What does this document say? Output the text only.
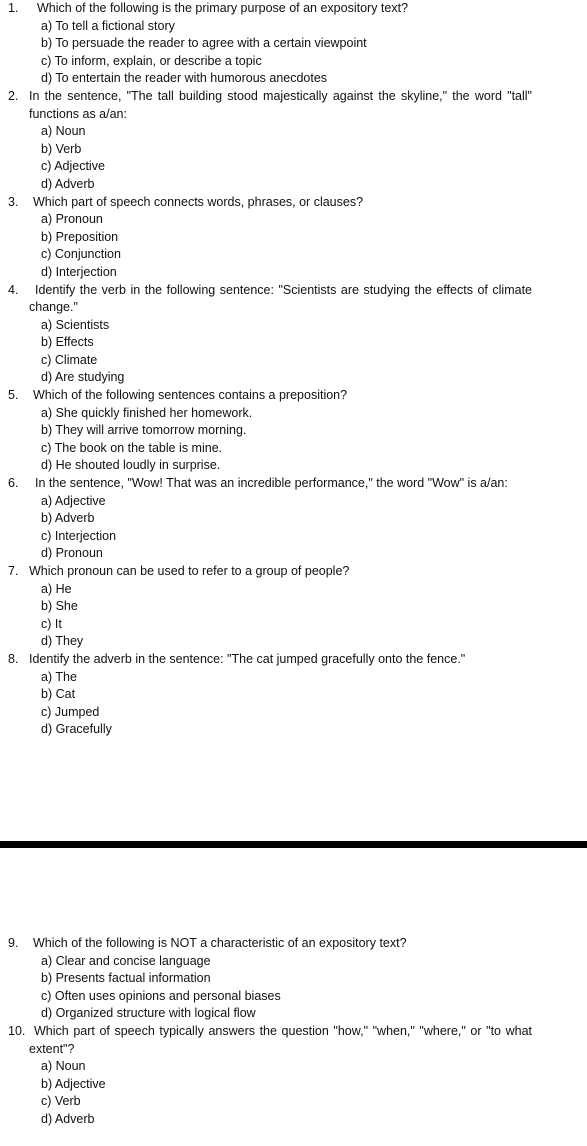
1. Which of the following is the primary purpose of an expository text?
a) To tell a fictional story
b) To persuade the reader to agree with a certain viewpoint
c) To inform, explain, or describe a topic
d) To entertain the reader with humorous anecdotes
2. In the sentence, "The tall building stood majestically against the skyline," the word "tall" functions as a/an:
a) Noun
b) Verb
c) Adjective
d) Adverb
3. Which part of speech connects words, phrases, or clauses?
a) Pronoun
b) Preposition
c) Conjunction
d) Interjection
4. Identify the verb in the following sentence: "Scientists are studying the effects of climate change."
a) Scientists
b) Effects
c) Climate
d) Are studying
5. Which of the following sentences contains a preposition?
a) She quickly finished her homework.
b) They will arrive tomorrow morning.
c) The book on the table is mine.
d) He shouted loudly in surprise.
6. In the sentence, "Wow! That was an incredible performance," the word "Wow" is a/an:
a) Adjective
b) Adverb
c) Interjection
d) Pronoun
7. Which pronoun can be used to refer to a group of people?
a) He
b) She
c) It
d) They
8. Identify the adverb in the sentence: "The cat jumped gracefully onto the fence."
a) The
b) Cat
c) Jumped
d) Gracefully
9. Which of the following is NOT a characteristic of an expository text?
a) Clear and concise language
b) Presents factual information
c) Often uses opinions and personal biases
d) Organized structure with logical flow
10. Which part of speech typically answers the question "how," "when," "where," or "to what extent"?
a) Noun
b) Adjective
c) Verb
d) Adverb
